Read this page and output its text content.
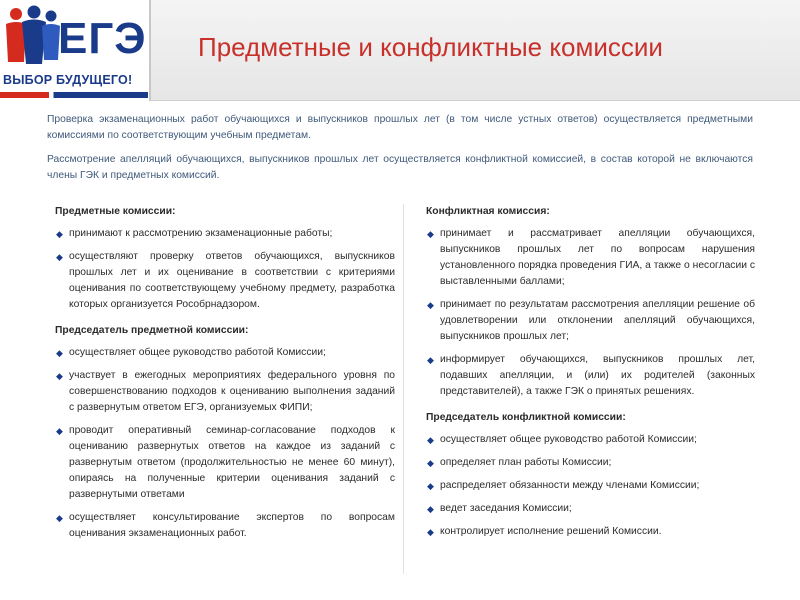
ЕГЭ
ВЫБОР БУДУЩЕГО!
Предметные и конфликтные комиссии

Проверка экзаменационных работ обучающихся и выпускников прошлых лет (в том числе устных ответов) осуществляется предметными комиссиями по соответствующим учебным предметам.

Рассмотрение апелляций обучающихся, выпускников прошлых лет осуществляется конфликтной комиссией, в состав которой не включаются члены ГЭК и предметных комиссий.

Предметные комиссии:
◆ принимают к рассмотрению экзаменационные работы;
◆ осуществляют проверку ответов обучающихся, выпускников прошлых лет и их оценивание в соответствии с критериями оценивания по соответствующему учебному предмету, разработка которых организуется Рособрнадзором.
Председатель предметной комиссии:
◆ осуществляет общее руководство работой Комиссии;
◆ участвует в ежегодных мероприятиях федерального уровня по совершенствованию подходов к оцениванию выполнения заданий с развернутым ответом ЕГЭ, организуемых ФИПИ;
◆ проводит оперативный семинар-согласование подходов к оцениванию развернутых ответов на каждое из заданий с развернутым ответом (продолжительностью не менее 60 минут), опираясь на полученные критерии оценивания заданий с развернутыми ответами
◆ осуществляет консультирование экспертов по вопросам оценивания экзаменационных работ.
Конфликтная комиссия:
◆ принимает и рассматривает апелляции обучающихся, выпускников прошлых лет по вопросам нарушения установленного порядка проведения ГИА, а также о несогласии с выставленными баллами;
◆ принимает по результатам рассмотрения апелляции решение об удовлетворении или отклонении апелляций обучающихся, выпускников прошлых лет;
◆ информирует обучающихся, выпускников прошлых лет, подавших апелляции, и (или) их родителей (законных представителей), а также ГЭК о принятых решениях.
Председатель конфликтной комиссии:
◆ осуществляет общее руководство работой Комиссии;
◆ определяет план работы Комиссии;
◆ распределяет обязанности между членами Комиссии;
◆ ведет заседания Комиссии;
◆ контролирует исполнение решений Комиссии.
